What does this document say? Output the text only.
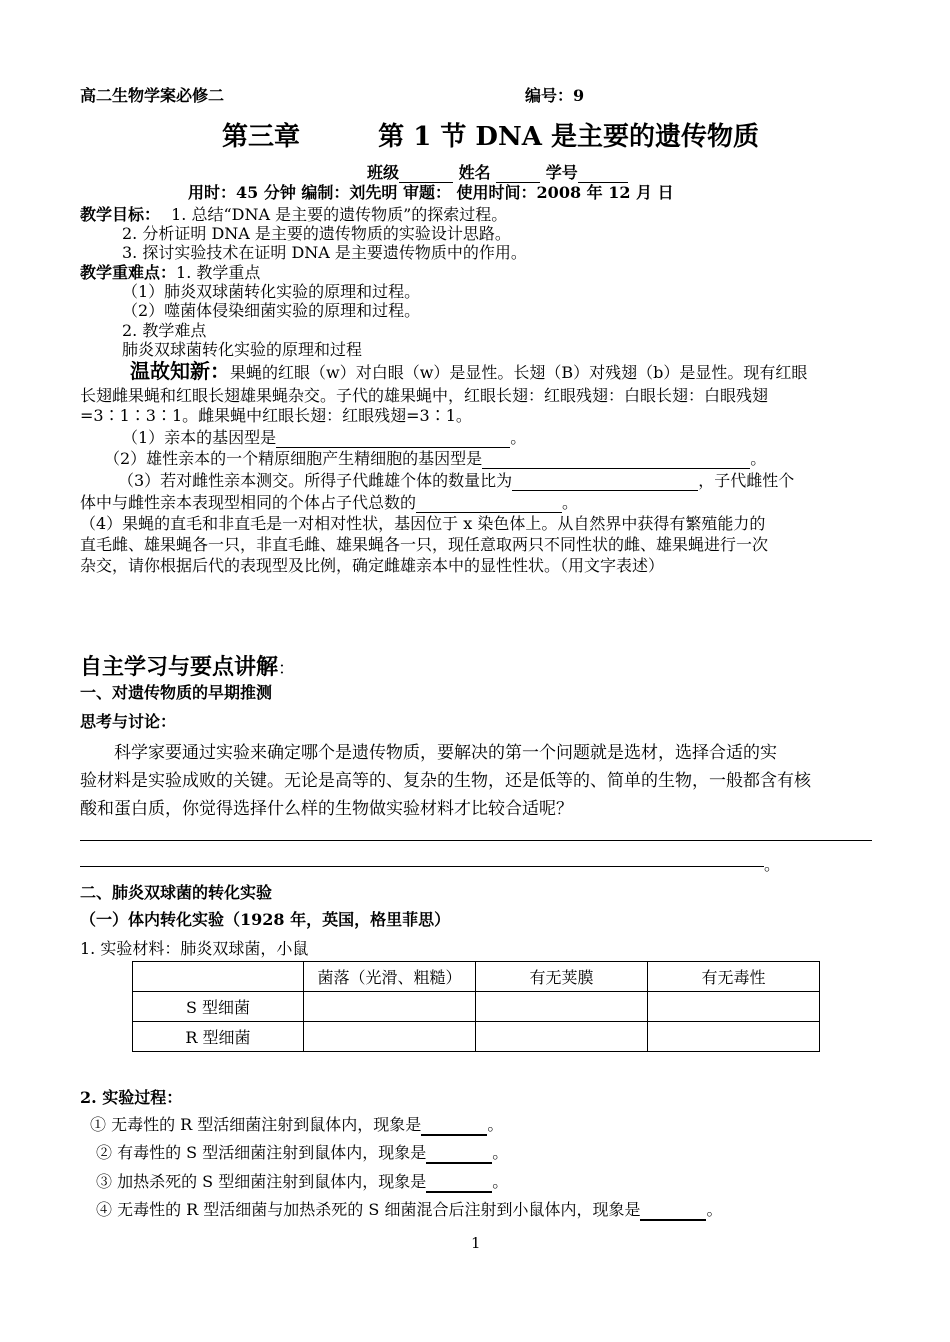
高二生物学案必修二	编号：9
第三章	第 1 节 DNA 是主要的遗传物质
班级	姓名	学号
用时：45 分钟 编制：刘先明 审题： 使用时间：2008 年 12 月 日
教学目标： 1. 总结“DNA 是主要的遗传物质”的探索过程。
2. 分析证明 DNA 是主要的遗传物质的实验设计思路。
3. 探讨实验技术在证明 DNA 是主要遗传物质中的作用。
教学重难点：1. 教学重点
（1）肺炎双球菌转化实验的原理和过程。
（2）噬菌体侵染细菌实验的原理和过程。
2. 教学难点
肺炎双球菌转化实验的原理和过程
温故知新：果蝇的红眼（w）对白眼（w）是显性。长翅（B）对残翅（b）是显性。现有红眼
长翅雌果蝇和红眼长翅雄果蝇杂交。子代的雄果蝇中，红眼长翅：红眼残翅：白眼长翅：白眼残翅
=3∶1∶3∶1。雌果蝇中红眼长翅：红眼残翅=3∶1。
（1）亲本的基因型是	。
（2）雄性亲本的一个精原细胞产生精细胞的基因型是	。
（3）若对雌性亲本测交。所得子代雌雄个体的数量比为	，子代雌性个
体中与雌性亲本表现型相同的个体占子代总数的	。
（4）果蝇的直毛和非直毛是一对相对性状，基因位于 x 染色体上。从自然界中获得有繁殖能力的
直毛雌、雄果蝇各一只，非直毛雌、雄果蝇各一只，现任意取两只不同性状的雌、雄果蝇进行一次
杂交，请你根据后代的表现型及比例，确定雌雄亲本中的显性性状。（用文字表述）
自主学习与要点讲解：
一、对遗传物质的早期推测
思考与讨论：
科学家要通过实验来确定哪个是遗传物质，要解决的第一个问题就是选材，选择合适的实
验材料是实验成败的关键。无论是高等的、复杂的生物，还是低等的、简单的生物，一般都含有核
酸和蛋白质，你觉得选择什么样的生物做实验材料才比较合适呢？
。
二、肺炎双球菌的转化实验
（一）体内转化实验（1928 年，英国，格里菲思）
1. 实验材料：肺炎双球菌，小鼠
	菌落（光滑、粗糙）	有无荚膜	有无毒性
S 型细菌			
R 型细菌			
2. 实验过程：
① 无毒性的 R 型活细菌注射到鼠体内，现象是	。
② 有毒性的 S 型活细菌注射到鼠体内，现象是	。
③ 加热杀死的 S 型细菌注射到鼠体内，现象是	。
④ 无毒性的 R 型活细菌与加热杀死的 S 细菌混合后注射到小鼠体内，现象是	。
1
